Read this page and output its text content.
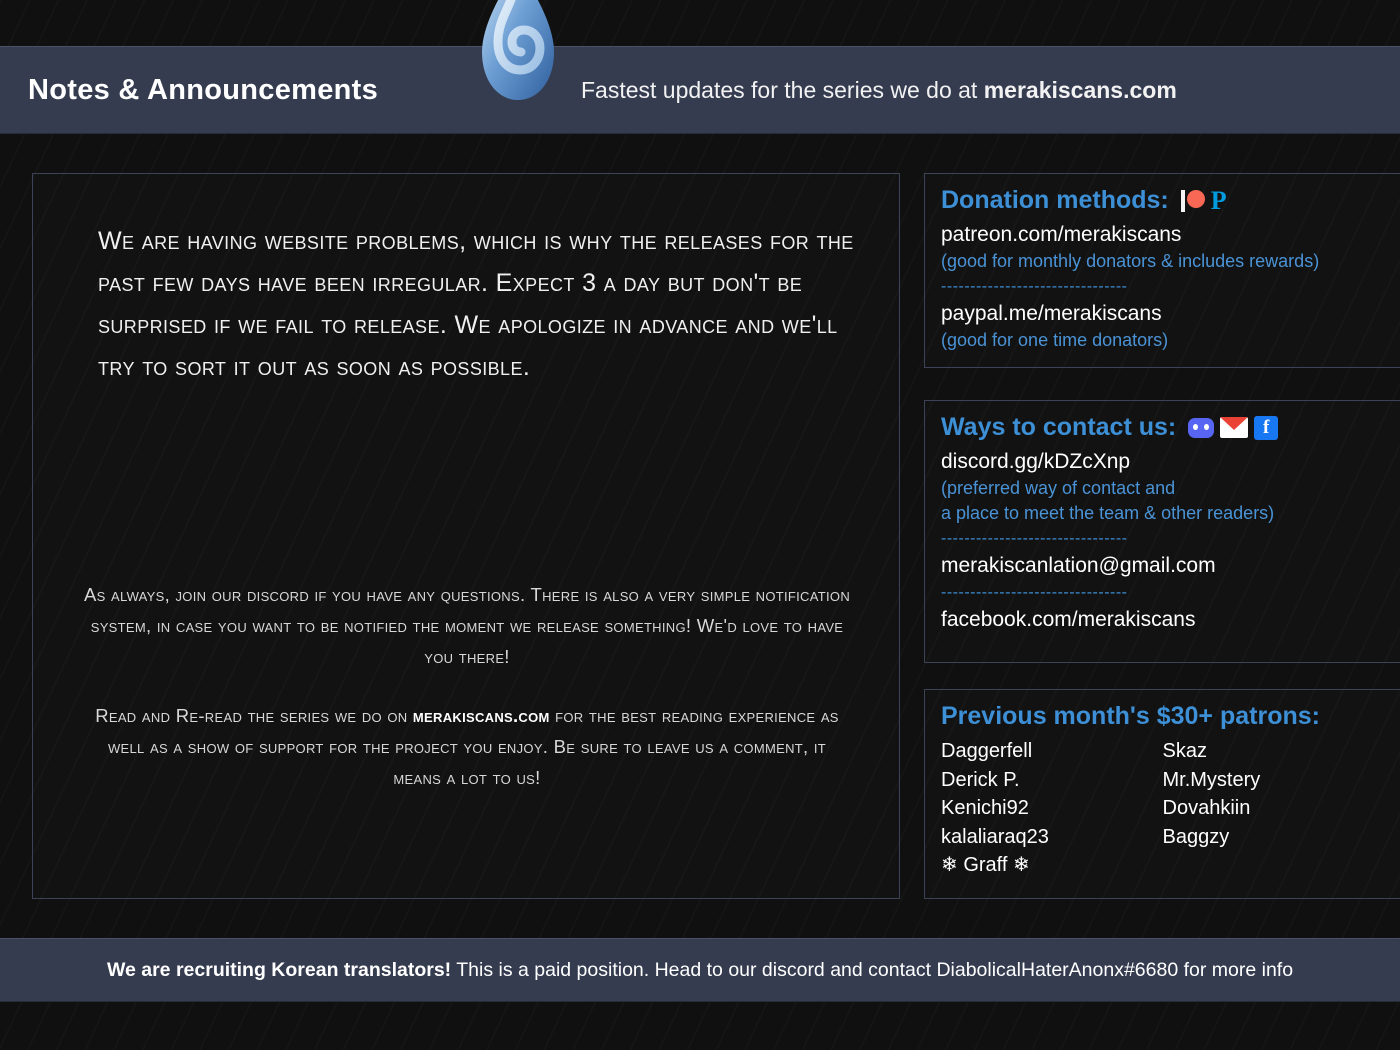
Notes & Announcements	Fastest updates for the series we do at merakiscans.com
We are having website problems, which is why the releases for the past few days have been irregular. Expect 3 a day but don't be surprised if we fail to release. We apologize in advance and we'll try to sort it out as soon as possible.
As always, join our discord if you have any questions. There is also a very simple notification system, in case you want to be notified the moment we release something! We'd love to have you there!
Read and Re-read the series we do on merakiscans.com for the best reading experience as well as a show of support for the project you enjoy. Be sure to leave us a comment, it means a lot to us!
Donation methods: P
patreon.com/merakiscans
(good for monthly donators & includes rewards)
--------------------------------
paypal.me/merakiscans
(good for one time donators)
Ways to contact us:	f
discord.gg/kDZcXnp
(preferred way of contact and
a place to meet the team & other readers)
--------------------------------
merakiscanlation@gmail.com
--------------------------------
facebook.com/merakiscans
Previous month's $30+ patrons:
Daggerfell
Derick P.
Kenichi92
kalaliaraq23
❄ Graff ❄
Skaz
Mr.Mystery
Dovahkiin
Baggzy
We are recruiting Korean translators! This is a paid position. Head to our discord and contact DiabolicalHaterAnonx#6680 for more info
